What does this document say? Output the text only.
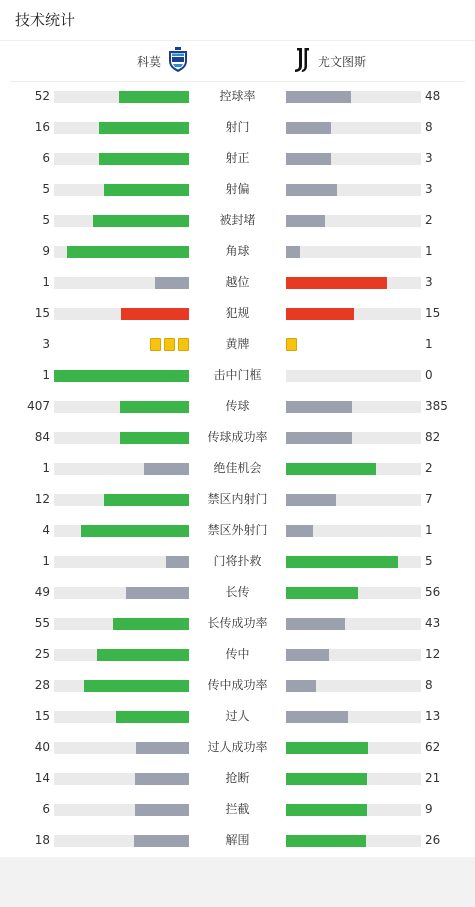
技术统计
科莫	尤文图斯
52	控球率	48
16	射门	8
6	射正	3
5	射偏	3
5	被封堵	2
9	角球	1
1	越位	3
15	犯规	15
3	黄牌	1
1	击中门框	0
407	传球	385
84	传球成功率	82
1	绝佳机会	2
12	禁区内射门	7
4	禁区外射门	1
1	门将扑救	5
49	长传	56
55	长传成功率	43
25	传中	12
28	传中成功率	8
15	过人	13
40	过人成功率	62
14	抢断	21
6	拦截	9
18	解围	26
